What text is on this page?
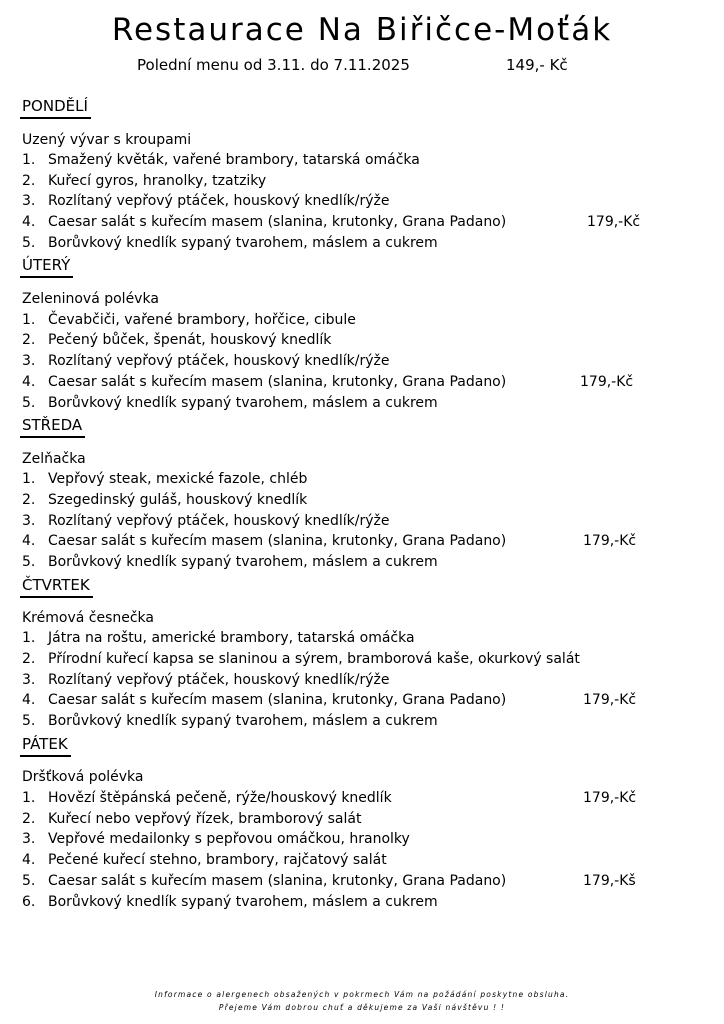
Restaurace Na Biřičce-Moťák
Polední menu od 3.11. do 7.11.2025	149,- Kč
PONDĚLÍ
Uzený vývar s kroupami
1. Smažený květák, vařené brambory, tatarská omáčka
2. Kuřecí gyros, hranolky, tzatziky
3. Rozlítaný vepřový ptáček, houskový knedlík/rýže
4. Caesar salát s kuřecím masem (slanina, krutonky, Grana Padano)	179,-Kč
5. Borůvkový knedlík sypaný tvarohem, máslem a cukrem
ÚTERÝ
Zeleninová polévka
1. Čevabčiči, vařené brambory, hořčice, cibule
2. Pečený bůček, špenát, houskový knedlík
3. Rozlítaný vepřový ptáček, houskový knedlík/rýže
4. Caesar salát s kuřecím masem (slanina, krutonky, Grana Padano)	179,-Kč
5. Borůvkový knedlík sypaný tvarohem, máslem a cukrem
STŘEDA
Zelňačka
1. Vepřový steak, mexické fazole, chléb
2. Szegedinský guláš, houskový knedlík
3. Rozlítaný vepřový ptáček, houskový knedlík/rýže
4. Caesar salát s kuřecím masem (slanina, krutonky, Grana Padano)	179,-Kč
5. Borůvkový knedlík sypaný tvarohem, máslem a cukrem
ČTVRTEK
Krémová česnečka
1. Játra na roštu, americké brambory, tatarská omáčka
2. Přírodní kuřecí kapsa se slaninou a sýrem, bramborová kaše, okurkový salát
3. Rozlítaný vepřový ptáček, houskový knedlík/rýže
4. Caesar salát s kuřecím masem (slanina, krutonky, Grana Padano)	179,-Kč
5. Borůvkový knedlík sypaný tvarohem, máslem a cukrem
PÁTEK
Dršťková polévka
1. Hovězí štěpánská pečeně, rýže/houskový knedlík	179,-Kč
2. Kuřecí nebo vepřový řízek, bramborový salát
3. Vepřové medailonky s pepřovou omáčkou, hranolky
4. Pečené kuřecí stehno, brambory, rajčatový salát
5. Caesar salát s kuřecím masem (slanina, krutonky, Grana Padano)	179,-Kš
6. Borůvkový knedlík sypaný tvarohem, máslem a cukrem
Informace o alergenech obsažených v pokrmech Vám na požádání poskytne obsluha.
Přejeme Vám dobrou chuť a děkujeme za Vaši návštěvu ! !
